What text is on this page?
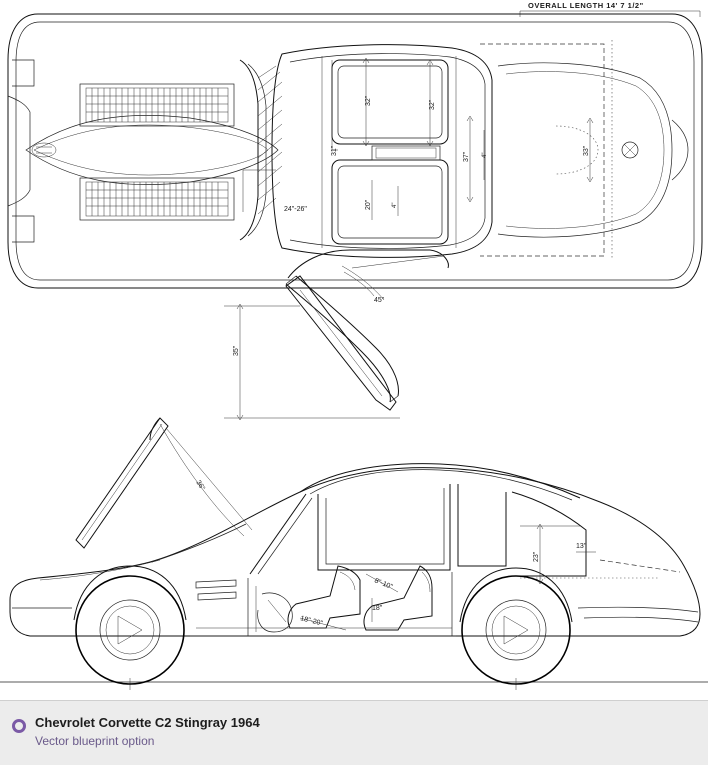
OVERALL LENGTH 14' 7 1/2"
32"	32"
31"
37" 4"	33"
24"-26"	20"	4"
45"
35"
36"
23"
8"-10"
18"
18"-20"
13"
Chevrolet Corvette C2 Stingray 1964
Vector blueprint option
